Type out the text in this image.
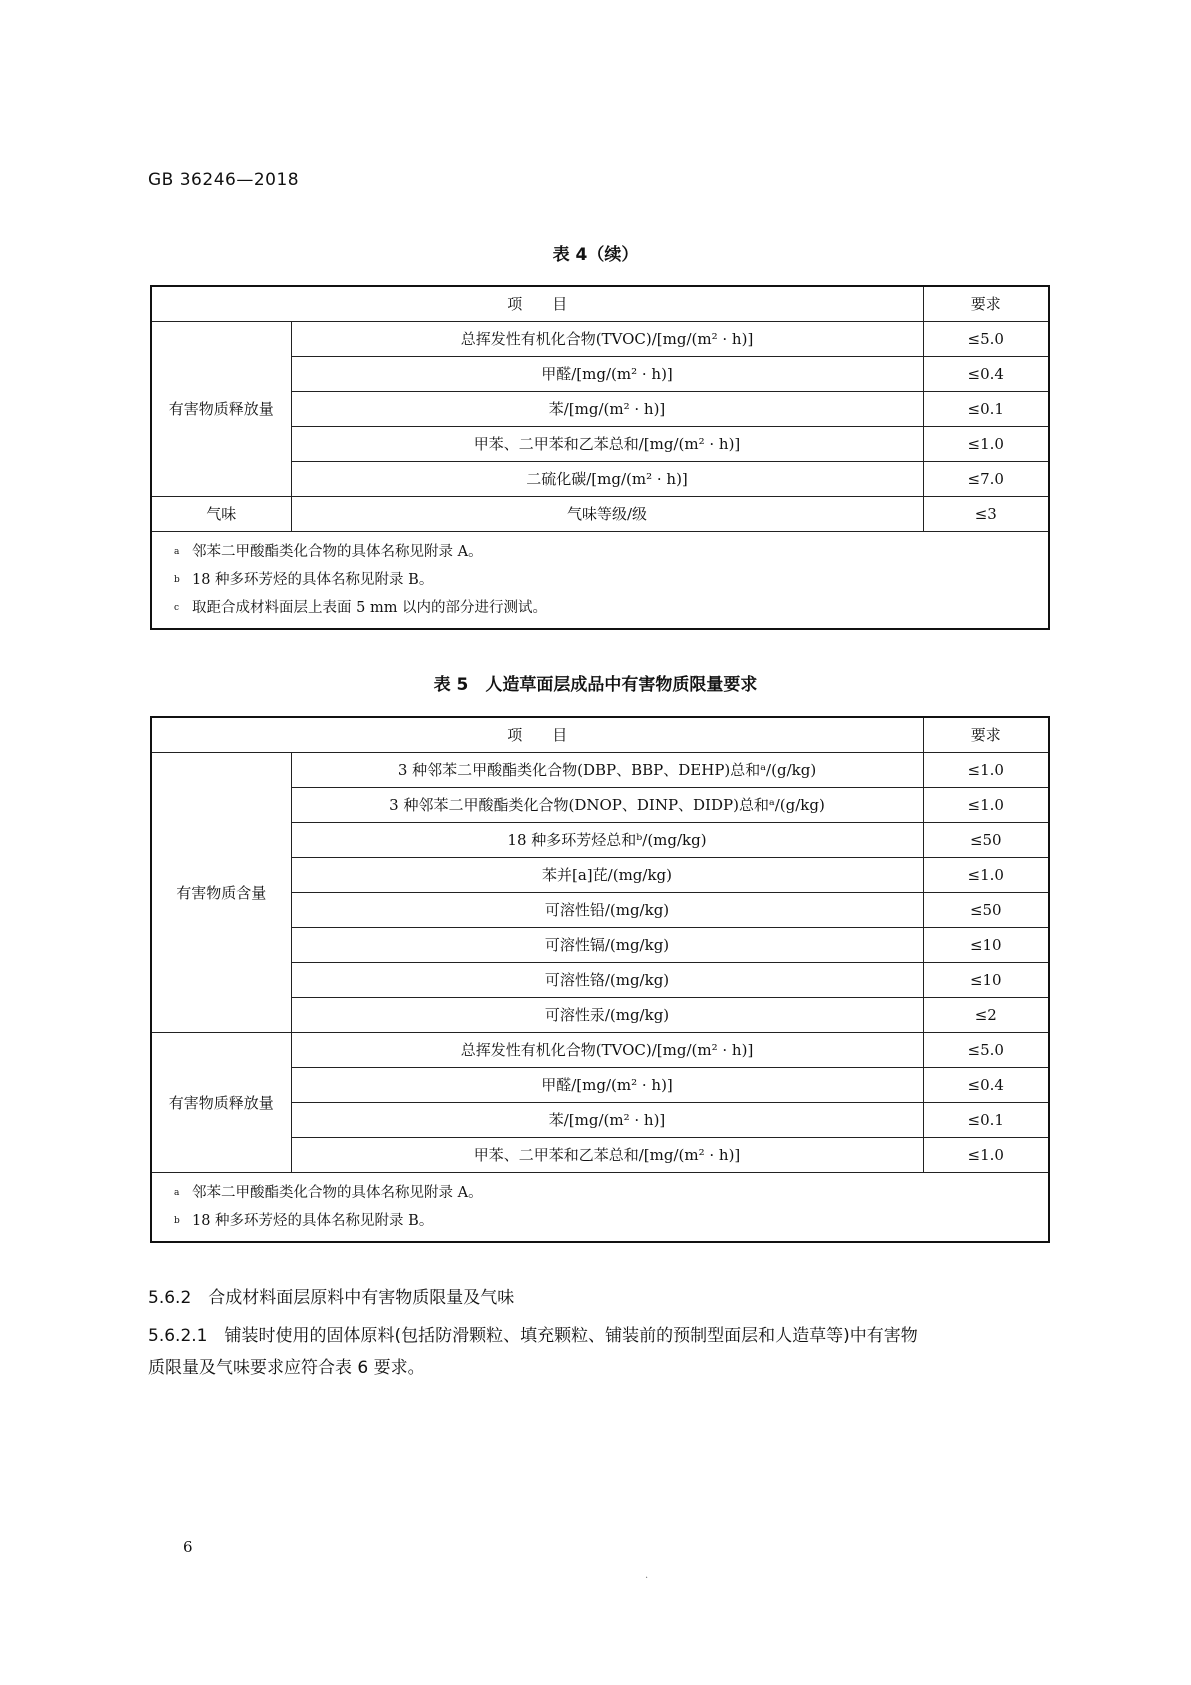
GB 36246—2018
表 4（续）
项　　目		要求
有害物质释放量	总挥发性有机化合物(TVOC)/[mg/(m² · h)]	≤5.0
	甲醛/[mg/(m² · h)]	≤0.4
	苯/[mg/(m² · h)]	≤0.1
	甲苯、二甲苯和乙苯总和/[mg/(m² · h)]	≤1.0
	二硫化碳/[mg/(m² · h)]	≤7.0
气味	气味等级/级	≤3

a 邻苯二甲酸酯类化合物的具体名称见附录 A。
b 18 种多环芳烃的具体名称见附录 B。
c 取距合成材料面层上表面 5 mm 以内的部分进行测试。		
表 5　人造草面层成品中有害物质限量要求
项　　目		要求
有害物质含量	3 种邻苯二甲酸酯类化合物(DBP、BBP、DEHP)总和ᵃ/(g/kg)	≤1.0
	3 种邻苯二甲酸酯类化合物(DNOP、DINP、DIDP)总和ᵃ/(g/kg)	≤1.0
	18 种多环芳烃总和ᵇ/(mg/kg)	≤50
	苯并[a]芘/(mg/kg)	≤1.0
	可溶性铅/(mg/kg)	≤50
	可溶性镉/(mg/kg)	≤10
	可溶性铬/(mg/kg)	≤10
	可溶性汞/(mg/kg)	≤2
有害物质释放量	总挥发性有机化合物(TVOC)/[mg/(m² · h)]	≤5.0
	甲醛/[mg/(m² · h)]	≤0.4
	苯/[mg/(m² · h)]	≤0.1
	甲苯、二甲苯和乙苯总和/[mg/(m² · h)]	≤1.0

a 邻苯二甲酸酯类化合物的具体名称见附录 A。
b 18 种多环芳烃的具体名称见附录 B。		
5.6.2　合成材料面层原料中有害物质限量及气味
5.6.2.1　铺装时使用的固体原料(包括防滑颗粒、填充颗粒、铺装前的预制型面层和人造草等)中有害物
质限量及气味要求应符合表 6 要求。
6
.
